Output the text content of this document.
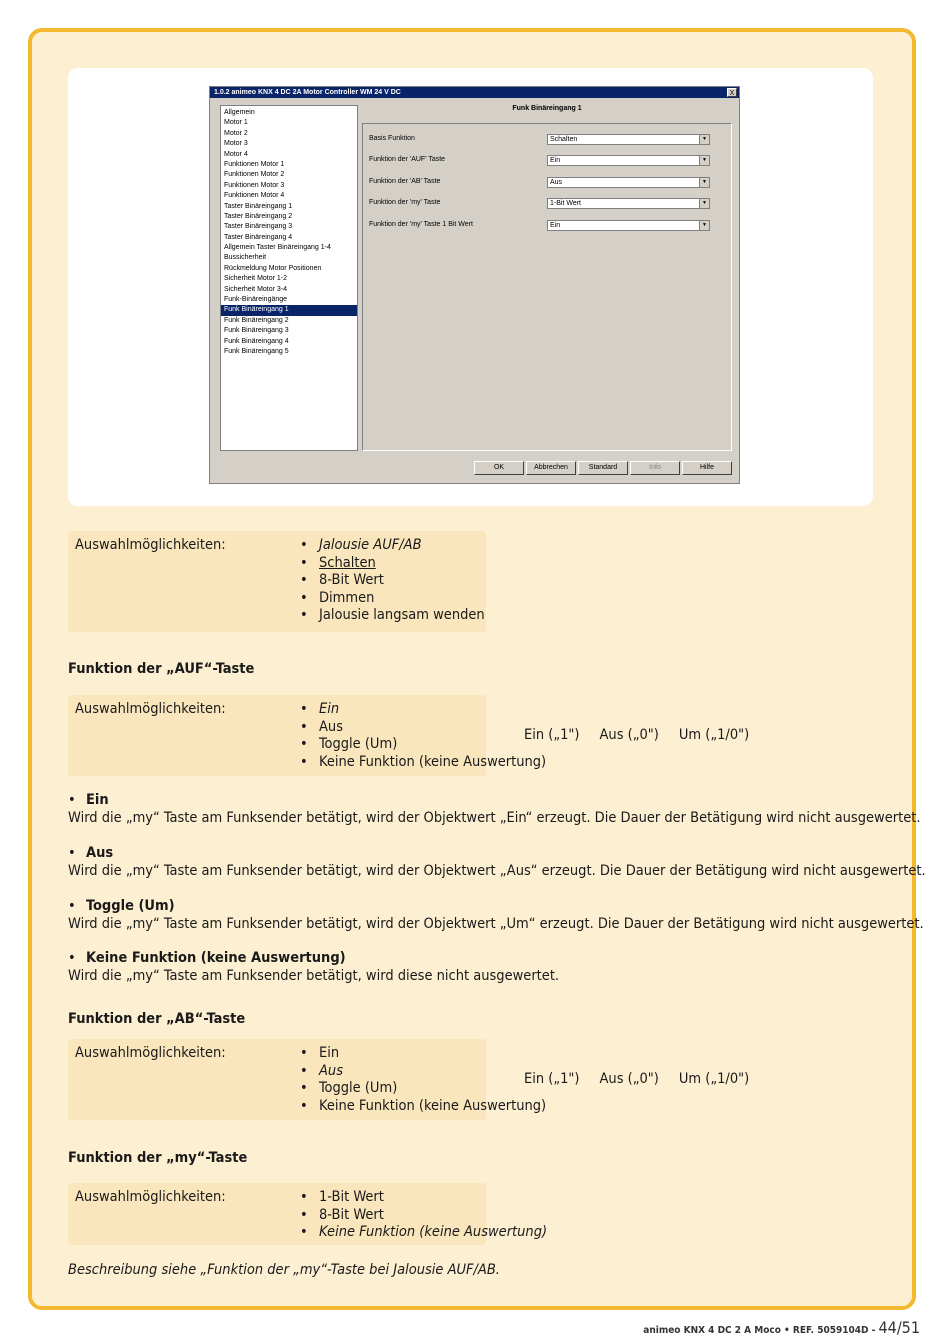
1.0.2 animeo KNX 4 DC 2A Motor Controller WM 24 V DC	X
Allgemein
Motor 1
Motor 2
Motor 3
Motor 4
Funktionen Motor 1
Funktionen Motor 2
Funktionen Motor 3
Funktionen Motor 4
Taster Binäreingang 1
Taster Binäreingang 2
Taster Binäreingang 3
Taster Binäreingang 4
Allgemein Taster Binäreingang 1-4
Bussicherheit
Rückmeldung Motor Positionen
Sicherheit Motor 1-2
Sicherheit Motor 3-4
Funk-Binäreingänge
Funk Binäreingang 1
Funk Binäreingang 2
Funk Binäreingang 3
Funk Binäreingang 4
Funk Binäreingang 5
Funk Binäreingang 1
Basis Funktion	Schalten	▼
Funktion der 'AUF' Taste	Ein	▼
Funktion der 'AB' Taste	Aus	▼
Funktion der 'my' Taste	1-Bit Wert	▼
Funktion der 'my' Taste 1 Bit Wert	Ein	▼
OK	Abbrechen	Standard	Info	Hilfe
Auswahlmöglichkeiten:	• Jalousie AUF/AB
• Schalten
• 8-Bit Wert
• Dimmen
• Jalousie langsam wenden
Funktion der „AUF“-Taste
Auswahlmöglichkeiten:	• Ein
• Aus
• Toggle (Um)
• Keine Funktion (keine Auswertung)
Ein („1") Aus („0") Um („1/0")
• Ein
Wird die „my“ Taste am Funksender betätigt, wird der Objektwert „Ein“ erzeugt. Die Dauer der Betätigung wird nicht ausgewertet.
• Aus
Wird die „my“ Taste am Funksender betätigt, wird der Objektwert „Aus“ erzeugt. Die Dauer der Betätigung wird nicht ausgewertet.
• Toggle (Um)
Wird die „my“ Taste am Funksender betätigt, wird der Objektwert „Um“ erzeugt. Die Dauer der Betätigung wird nicht ausgewertet.
• Keine Funktion (keine Auswertung)
Wird die „my“ Taste am Funksender betätigt, wird diese nicht ausgewertet.
Funktion der „AB“-Taste
Auswahlmöglichkeiten:	• Ein
• Aus
• Toggle (Um)
• Keine Funktion (keine Auswertung)
Ein („1") Aus („0") Um („1/0")
Funktion der „my“-Taste
Auswahlmöglichkeiten:	• 1-Bit Wert
• 8-Bit Wert
• Keine Funktion (keine Auswertung)
Beschreibung siehe „Funktion der „my“-Taste bei Jalousie AUF/AB.
animeo KNX 4 DC 2 A Moco • REF. 5059104D - 44/51
